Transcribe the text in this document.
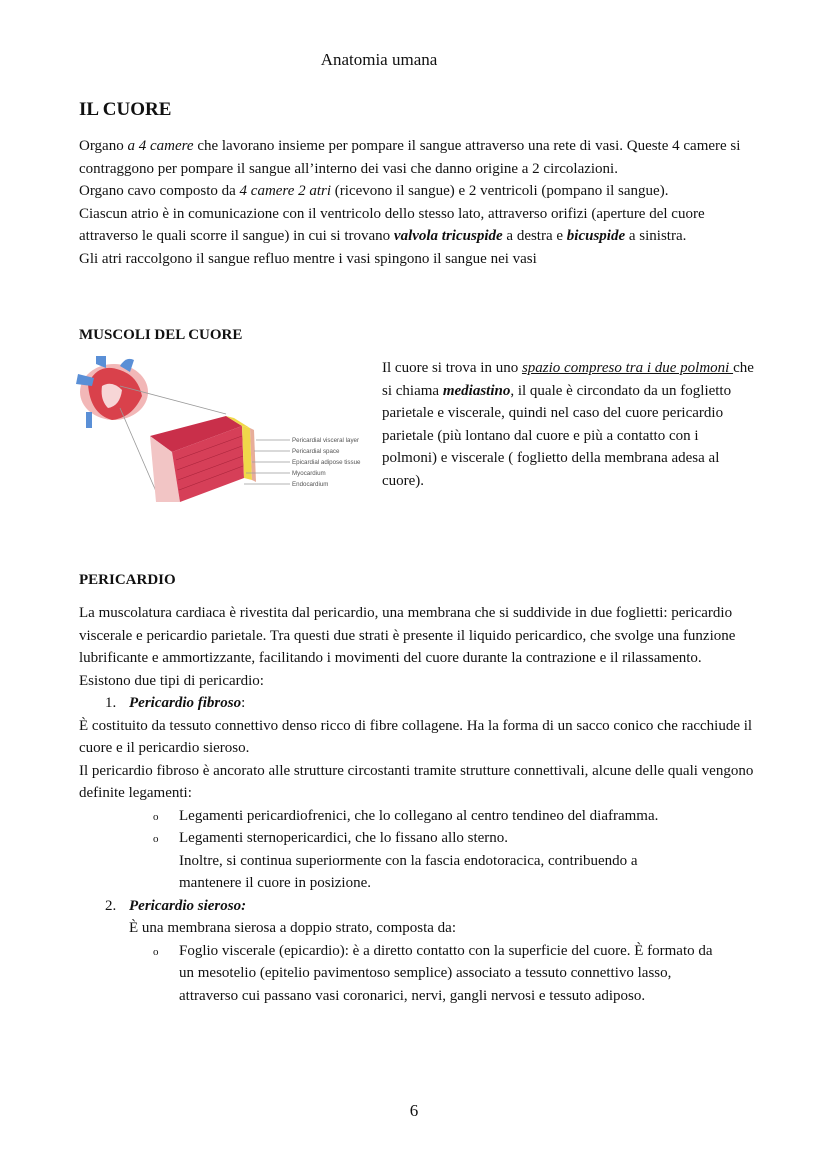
Anatomia umana
IL CUORE

Organo a 4 camere che lavorano insieme per pompare il sangue attraverso una rete di vasi. Queste 4 camere si contraggono per pompare il sangue all’interno dei vasi che danno origine a 2 circolazioni.

Organo cavo composto da 4 camere 2 atri (ricevono il sangue) e 2 ventricoli (pompano il sangue).

Ciascun atrio è in comunicazione con il ventricolo dello stesso lato, attraverso orifizi (aperture del cuore attraverso le quali scorre il sangue) in cui si trovano valvola tricuspide a destra e bicuspide a sinistra.

Gli atri raccolgono il sangue refluo mentre i vasi spingono il sangue nei vasi

MUSCOLI DEL CUORE
Pericardial visceral layer
Pericardial space
Epicardial adipose tissue
Myocardium
Endocardium

Il cuore si trova in uno spazio compreso tra i due polmoni che si chiama mediastino, il quale è circondato da un foglietto parietale e viscerale, quindi nel caso del cuore pericardio parietale (più lontano dal cuore e più a contatto con i polmoni) e viscerale ( foglietto della membrana adesa al cuore).

PERICARDIO

La muscolatura cardiaca è rivestita dal pericardio, una membrana che si suddivide in due foglietti: pericardio viscerale e pericardio parietale. Tra questi due strati è presente il liquido pericardico, che svolge una funzione lubrificante e ammortizzante, facilitando i movimenti del cuore durante la contrazione e il rilassamento.

Esistono due tipi di pericardio:

1. Pericardio fibroso:

È costituito da tessuto connettivo denso ricco di fibre collagene. Ha la forma di un sacco conico che racchiude il cuore e il pericardio sieroso.

Il pericardio fibroso è ancorato alle strutture circostanti tramite strutture connettivali, alcune delle quali vengono definite legamenti:

o Legamenti pericardiofrenici, che lo collegano al centro tendineo del diaframma.
o Legamenti sternopericardici, che lo fissano allo sterno.

Inoltre, si continua superiormente con la fascia endotoracica, contribuendo a mantenere il cuore in posizione.

2. Pericardio sieroso:

È una membrana sierosa a doppio strato, composta da:

o Foglio viscerale (epicardio): è a diretto contatto con la superficie del cuore. È formato da un mesotelio (epitelio pavimentoso semplice) associato a tessuto connettivo lasso, attraverso cui passano vasi coronarici, nervi, gangli nervosi e tessuto adiposo.
6
